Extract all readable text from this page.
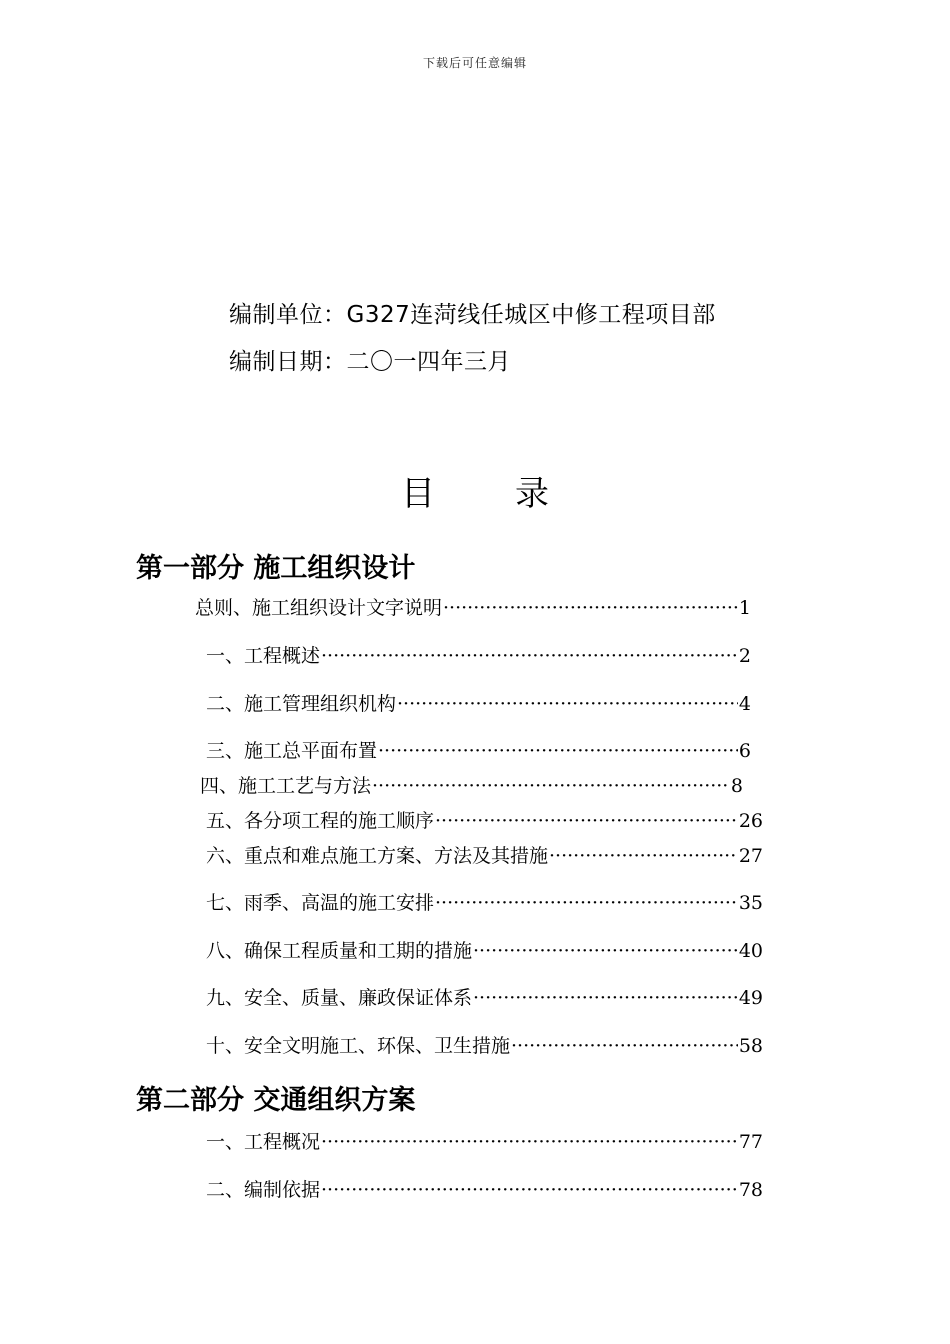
下载后可任意编辑
编制单位：G327连菏线任城区中修工程项目部
编制日期：二〇一四年三月
目 录
第一部分 施工组织设计
总则、施工组织设计文字说明 ·····	1
一、工程概述 ·····	2
二、施工管理组织机构 ·····	4
三、施工总平面布置 ·····	6
四、施工工艺与方法 ·····	8
五、各分项工程的施工顺序 ·····	26
六、重点和难点施工方案、方法及其措施 ·····	27
七、雨季、高温的施工安排 ·····	35
八、确保工程质量和工期的措施 ·····	40
九、安全、质量、廉政保证体系 ·····	49
十、安全文明施工、环保、卫生措施 ·····	58
第二部分 交通组织方案
一、工程概况 ·····	77
二、编制依据 ·····	78
